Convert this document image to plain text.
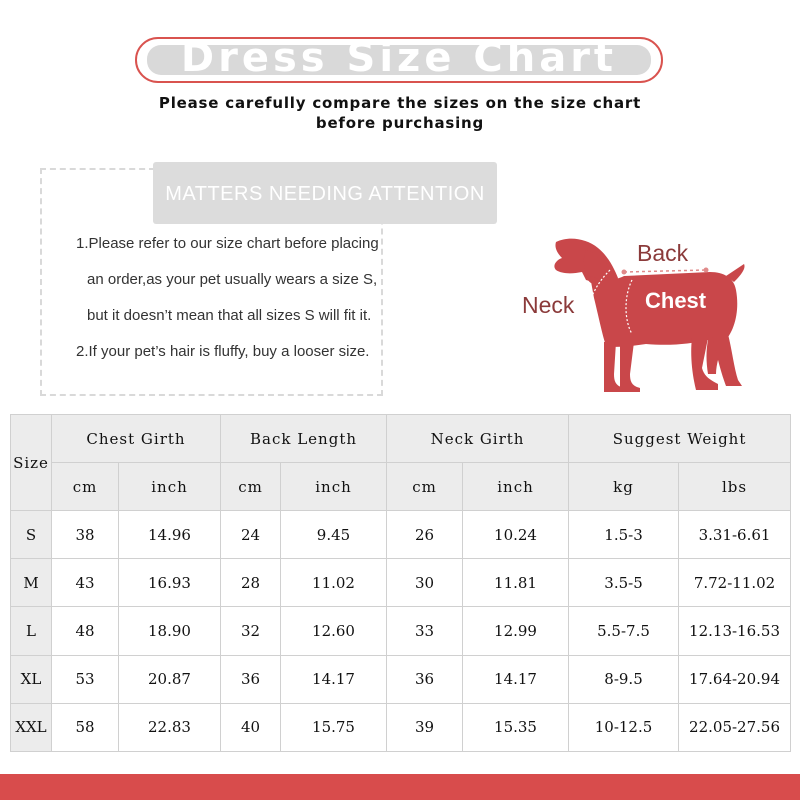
Dress Size Chart
Please carefully compare the sizes on the size chart
before purchasing
MATTERS NEEDING ATTENTION
1.Please refer to our size chart before placing
an order,as your pet usually wears a size S,
but it doesn’t mean that all sizes S will fit it.
2.If your pet’s hair is fluffy, buy a looser size.
Back
Neck	Chest
Size	Chest Girth		Back Length		Neck Girth		Suggest Weight	
	cm	inch	cm	inch	cm	inch	kg	lbs
S	38	14.96	24	9.45	26	10.24	1.5-3	3.31-6.61
M	43	16.93	28	11.02	30	11.81	3.5-5	7.72-11.02
L	48	18.90	32	12.60	33	12.99	5.5-7.5	12.13-16.53
XL	53	20.87	36	14.17	36	14.17	8-9.5	17.64-20.94
XXL	58	22.83	40	15.75	39	15.35	10-12.5	22.05-27.56
